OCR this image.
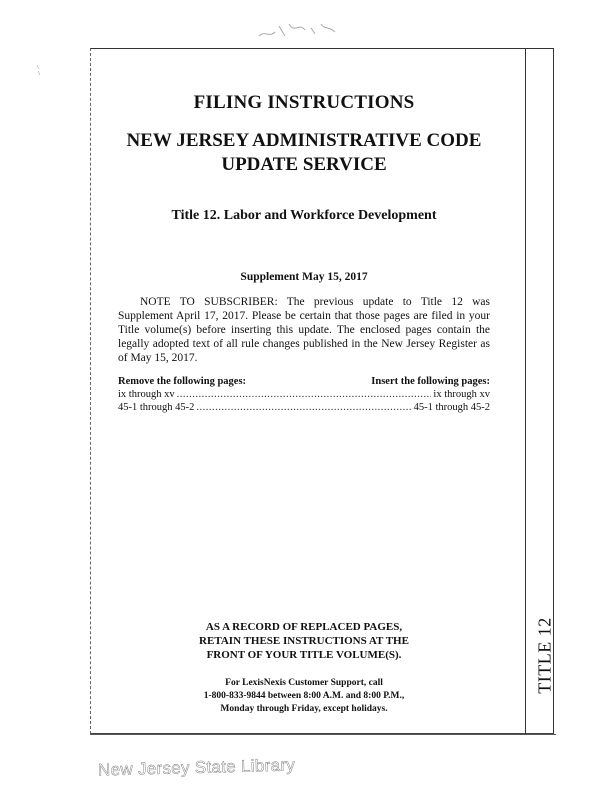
TITLE 12
FILING INSTRUCTIONS
NEW JERSEY ADMINISTRATIVE CODE
UPDATE SERVICE
Title 12. Labor and Workforce Development
Supplement May 15, 2017

NOTE TO SUBSCRIBER: The previous update to Title 12 was Supplement April 17, 2017. Please be certain that those pages are filed in your Title volume(s) before inserting this update. The enclosed pages contain the legally adopted text of all rule changes published in the New Jersey Register as of May 15, 2017.

Remove the following pages:	Insert the following pages:
ix through xv .....	ix through xv
45-1 through 45-2 .....	45-1 through 45-2
AS A RECORD OF REPLACED PAGES,
RETAIN THESE INSTRUCTIONS AT THE
FRONT OF YOUR TITLE VOLUME(S).
For LexisNexis Customer Support, call
1-800-833-9844 between 8:00 A.M. and 8:00 P.M.,
Monday through Friday, except holidays.
New Jersey State Library
